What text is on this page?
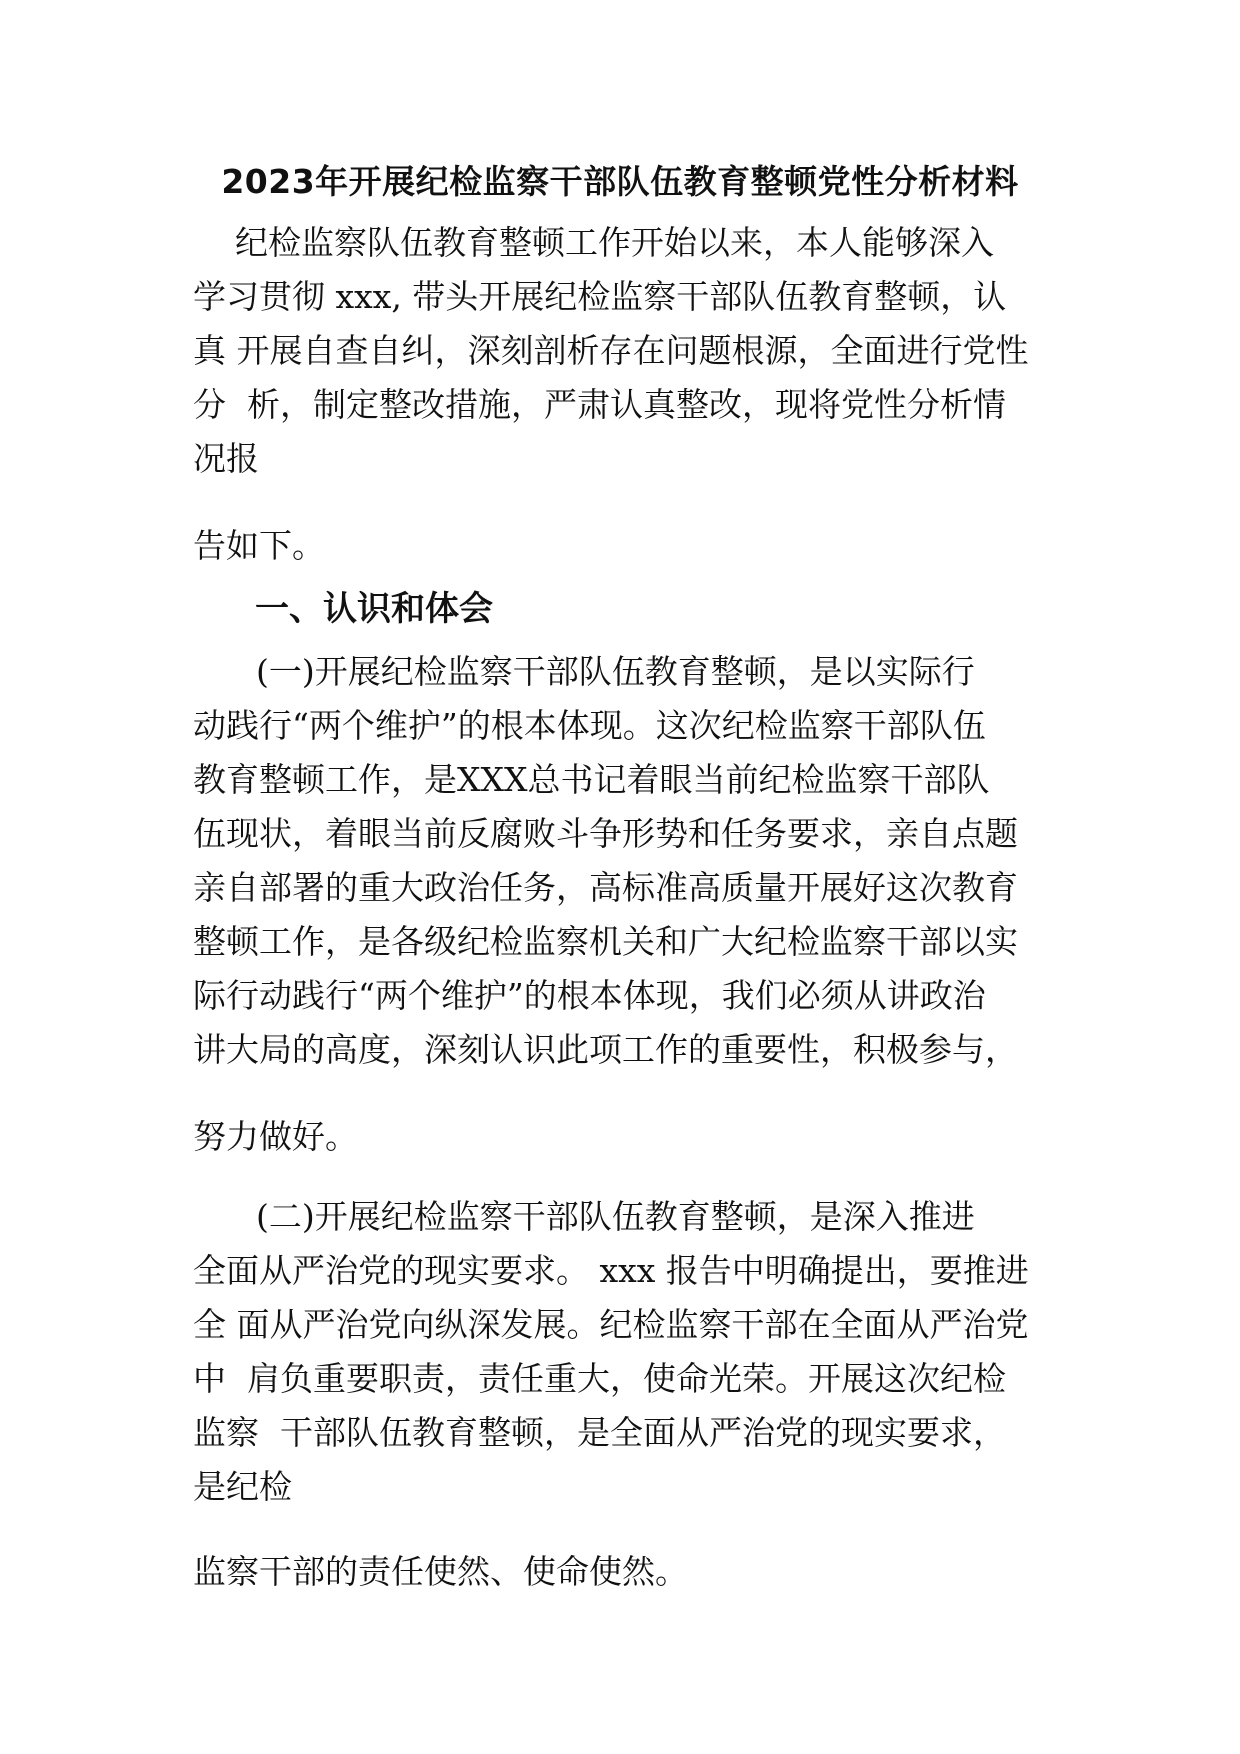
2023年开展纪检监察干部队伍教育整顿党性分析材料
纪检监察队伍教育整顿工作开始以来，本人能够深入
学习贯彻 xxx, 带头开展纪检监察干部队伍教育整顿，认
真 开展自查自纠，深刻剖析存在问题根源，全面进行党性
分  析，制定整改措施，严肃认真整改，现将党性分析情
况报
告如下。
一、认识和体会
(一)开展纪检监察干部队伍教育整顿，是以实际行
动践行“两个维护”的根本体现。这次纪检监察干部队伍
教育整顿工作，是XXX总书记着眼当前纪检监察干部队
伍现状，着眼当前反腐败斗争形势和任务要求，亲自点题
亲自部署的重大政治任务，高标准高质量开展好这次教育
整顿工作，是各级纪检监察机关和广大纪检监察干部以实
际行动践行“两个维护”的根本体现，我们必须从讲政治
讲大局的高度，深刻认识此项工作的重要性，积极参与，
努力做好。
(二)开展纪检监察干部队伍教育整顿，是深入推进
全面从严治党的现实要求。 xxx 报告中明确提出，要推进
全 面从严治党向纵深发展。纪检监察干部在全面从严治党
中  肩负重要职责，责任重大，使命光荣。开展这次纪检
监察  干部队伍教育整顿，是全面从严治党的现实要求，
是纪检
监察干部的责任使然、使命使然。
